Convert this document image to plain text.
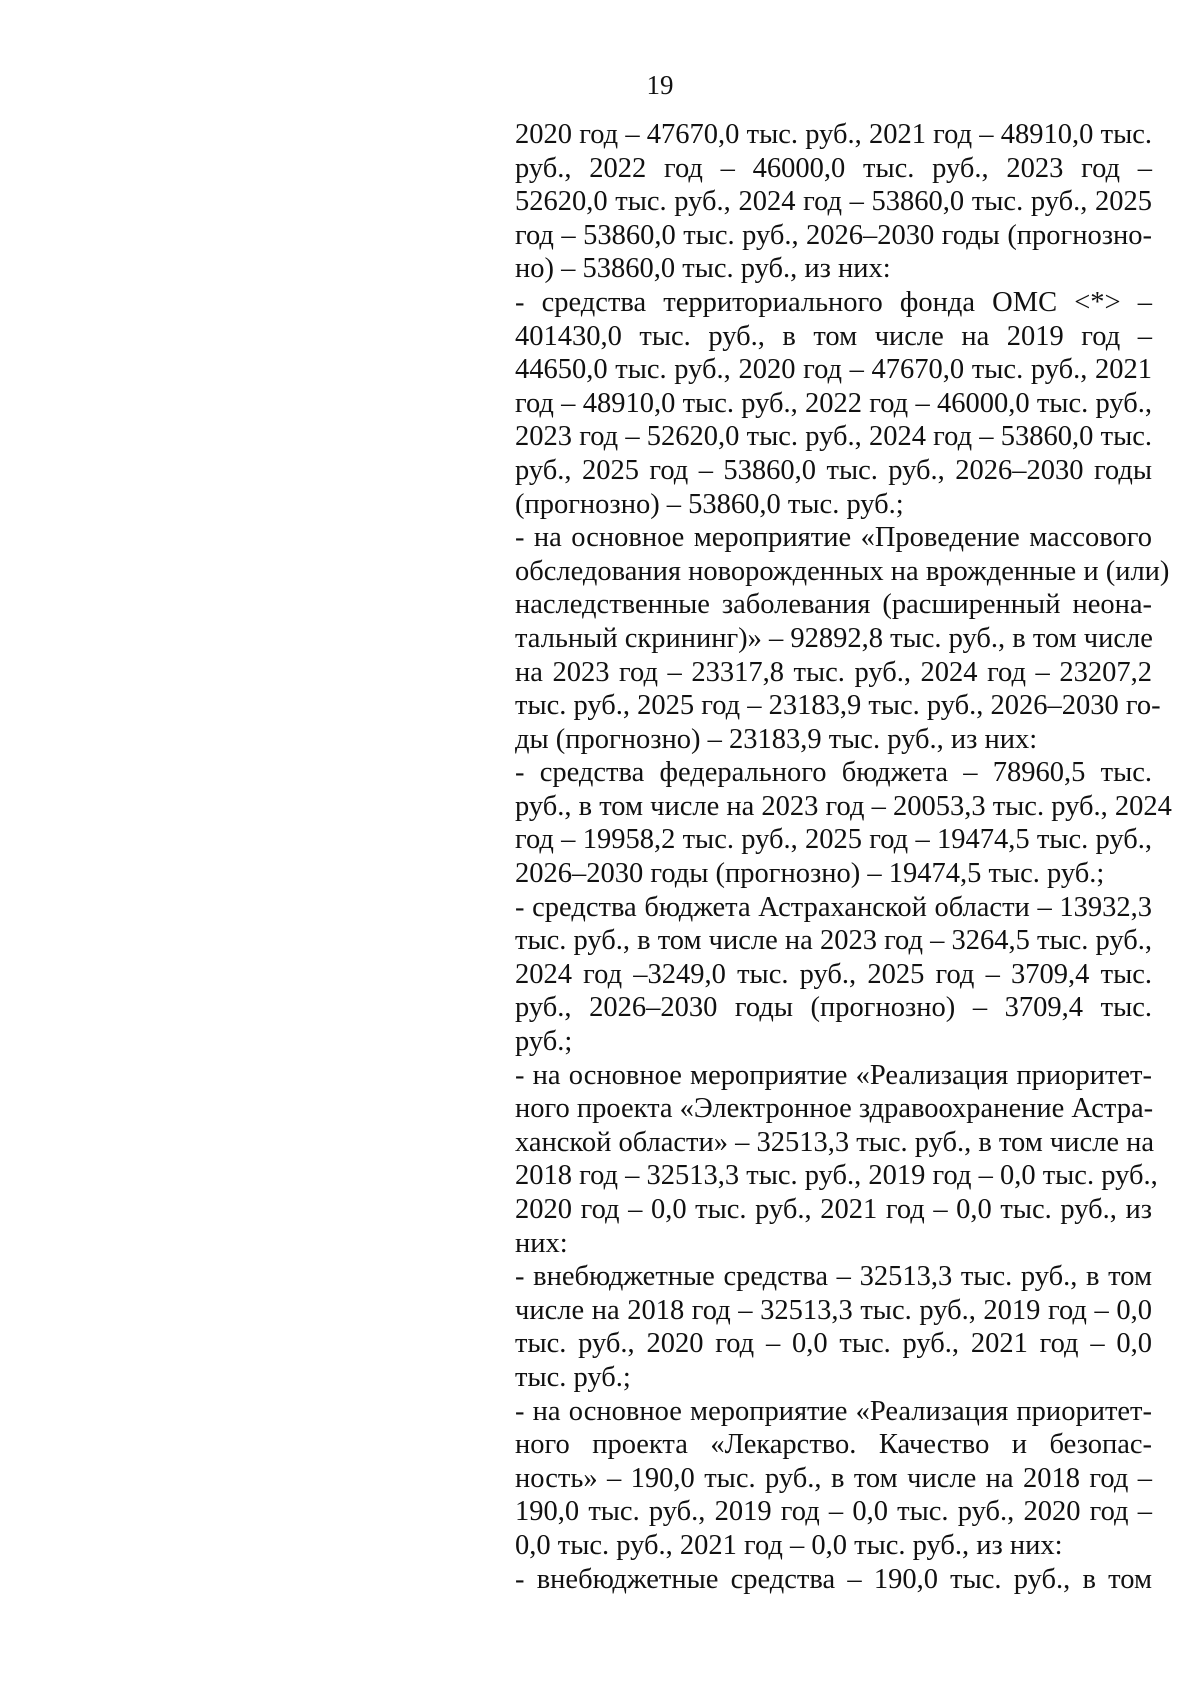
19
2020 год – 47670,0 тыс. руб., 2021 год – 48910,0 тыс.
руб., 2022 год – 46000,0 тыс. руб., 2023 год –
52620,0 тыс. руб., 2024 год – 53860,0 тыс. руб., 2025
год – 53860,0 тыс. руб., 2026–2030 годы (прогнозно-
но) – 53860,0 тыс. руб., из них:
- средства территориального фонда ОМС <*> –
401430,0 тыс. руб., в том числе на 2019 год –
44650,0 тыс. руб., 2020 год – 47670,0 тыс. руб., 2021
год – 48910,0 тыс. руб., 2022 год – 46000,0 тыс. руб.,
2023 год – 52620,0 тыс. руб., 2024 год – 53860,0 тыс.
руб., 2025 год – 53860,0 тыс. руб., 2026–2030 годы
(прогнозно) – 53860,0 тыс. руб.;
- на основное мероприятие «Проведение массового
обследования новорожденных на врожденные и (или)
наследственные заболевания (расширенный неона-
тальный скрининг)» – 92892,8 тыс. руб., в том числе
на 2023 год – 23317,8 тыс. руб., 2024 год – 23207,2
тыс. руб., 2025 год – 23183,9 тыс. руб., 2026–2030 го-
ды (прогнозно) – 23183,9 тыс. руб., из них:
- средства федерального бюджета – 78960,5 тыс.
руб., в том числе на 2023 год – 20053,3 тыс. руб., 2024
год – 19958,2 тыс. руб., 2025 год – 19474,5 тыс. руб.,
2026–2030 годы (прогнозно) – 19474,5 тыс. руб.;
- средства бюджета Астраханской области – 13932,3
тыс. руб., в том числе на 2023 год – 3264,5 тыс. руб.,
2024 год –3249,0 тыс. руб., 2025 год – 3709,4 тыс.
руб., 2026–2030 годы (прогнозно) – 3709,4 тыс.
руб.;
- на основное мероприятие «Реализация приоритет-
ного проекта «Электронное здравоохранение Астра-
ханской области» – 32513,3 тыс. руб., в том числе на
2018 год – 32513,3 тыс. руб., 2019 год – 0,0 тыс. руб.,
2020 год – 0,0 тыс. руб., 2021 год – 0,0 тыс. руб., из
них:
- внебюджетные средства – 32513,3 тыс. руб., в том
числе на 2018 год – 32513,3 тыс. руб., 2019 год – 0,0
тыс. руб., 2020 год – 0,0 тыс. руб., 2021 год – 0,0
тыс. руб.;
- на основное мероприятие «Реализация приоритет-
ного проекта «Лекарство. Качество и безопас-
ность» – 190,0 тыс. руб., в том числе на 2018 год –
190,0 тыс. руб., 2019 год – 0,0 тыс. руб., 2020 год –
0,0 тыс. руб., 2021 год – 0,0 тыс. руб., из них:
- внебюджетные средства – 190,0 тыс. руб., в том
